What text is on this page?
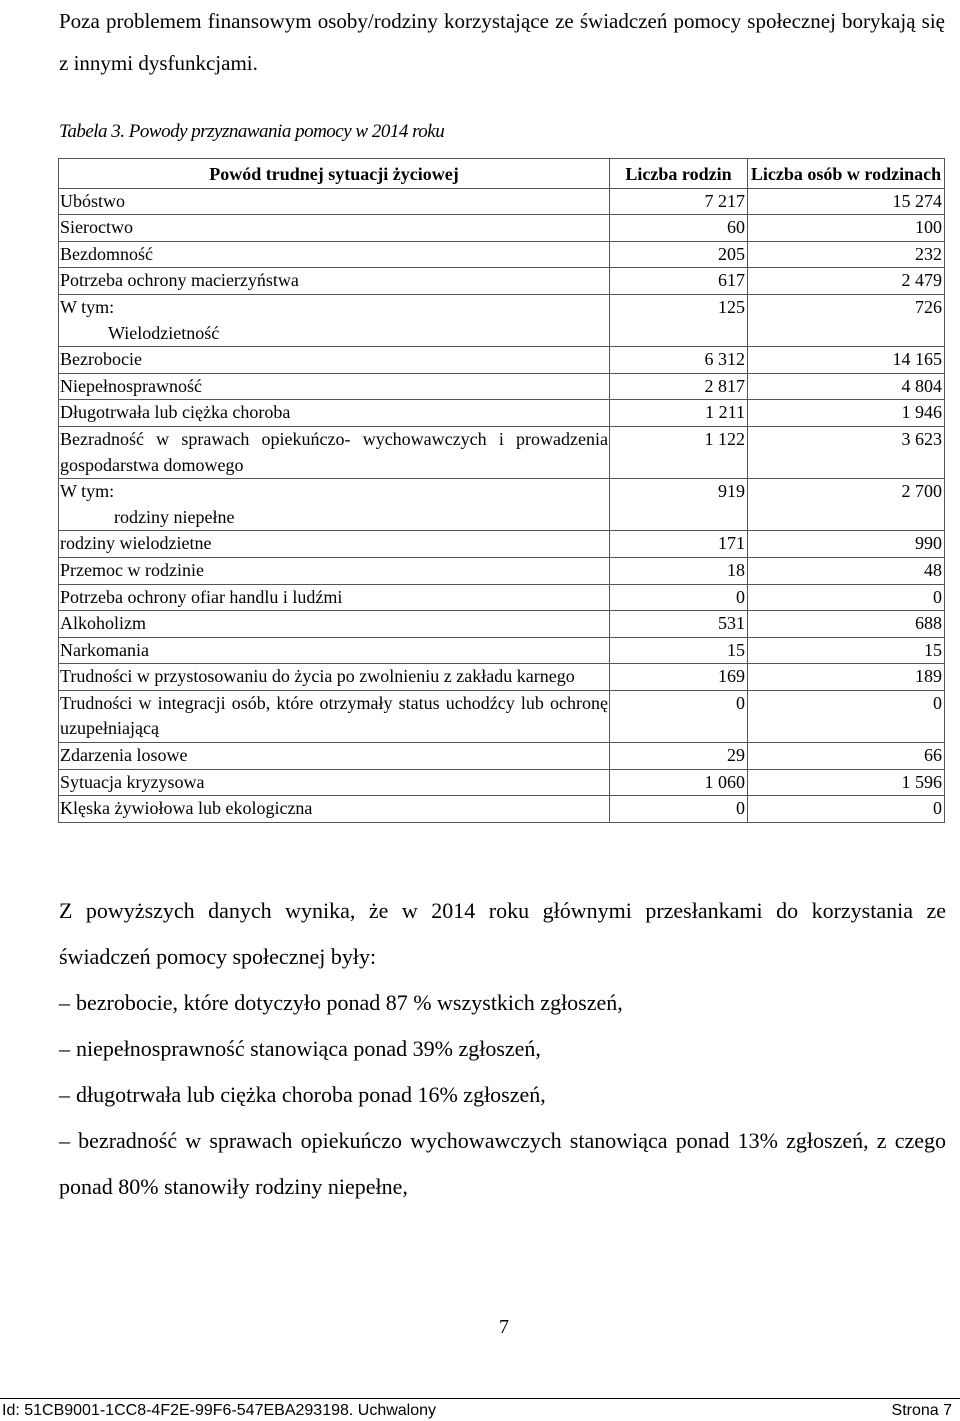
Poza problemem finansowym osoby/rodziny korzystające ze świadczeń pomocy społecznej borykają się z innymi dysfunkcjami.

Tabela 3. Powody przyznawania pomocy w 2014 roku

Powód trudnej sytuacji życiowej	Liczba rodzin	Liczba osób w rodzinach
Ubóstwo	7 217	15 274
Sieroctwo	60	100
Bezdomność	205	232
Potrzeba ochrony macierzyństwa	617	2 479

W tym:
Wielodzietność	125	726
Bezrobocie	6 312	14 165
Niepełnosprawność	2 817	4 804
Długotrwała lub ciężka choroba	1 211	1 946
Bezradność w sprawach opiekuńczo- wychowawczych i prowadzenia gospodarstwa domowego	1 122	3 623

W tym:
rodziny niepełne	919	2 700
rodziny wielodzietne	171	990
Przemoc w rodzinie	18	48
Potrzeba ochrony ofiar handlu i ludźmi	0	0
Alkoholizm	531	688
Narkomania	15	15
Trudności w przystosowaniu do życia po zwolnieniu z zakładu karnego	169	189
Trudności w integracji osób, które otrzymały status uchodźcy lub ochronę uzupełniającą	0	0
Zdarzenia losowe	29	66
Sytuacja kryzysowa	1 060	1 596
Klęska żywiołowa lub ekologiczna	0	0

Z powyższych danych wynika, że w 2014 roku głównymi przesłankami do korzystania ze świadczeń pomocy społecznej były:

– bezrobocie, które dotyczyło ponad 87 % wszystkich zgłoszeń,

– niepełnosprawność stanowiąca ponad 39% zgłoszeń,

– długotrwała lub ciężka choroba ponad 16% zgłoszeń,

– bezradność w sprawach opiekuńczo wychowawczych stanowiąca ponad 13% zgłoszeń, z czego ponad 80% stanowiły rodziny niepełne,

7
Id: 51CB9001-1CC8-4F2E-99F6-547EBA293198. Uchwalony	Strona 7
